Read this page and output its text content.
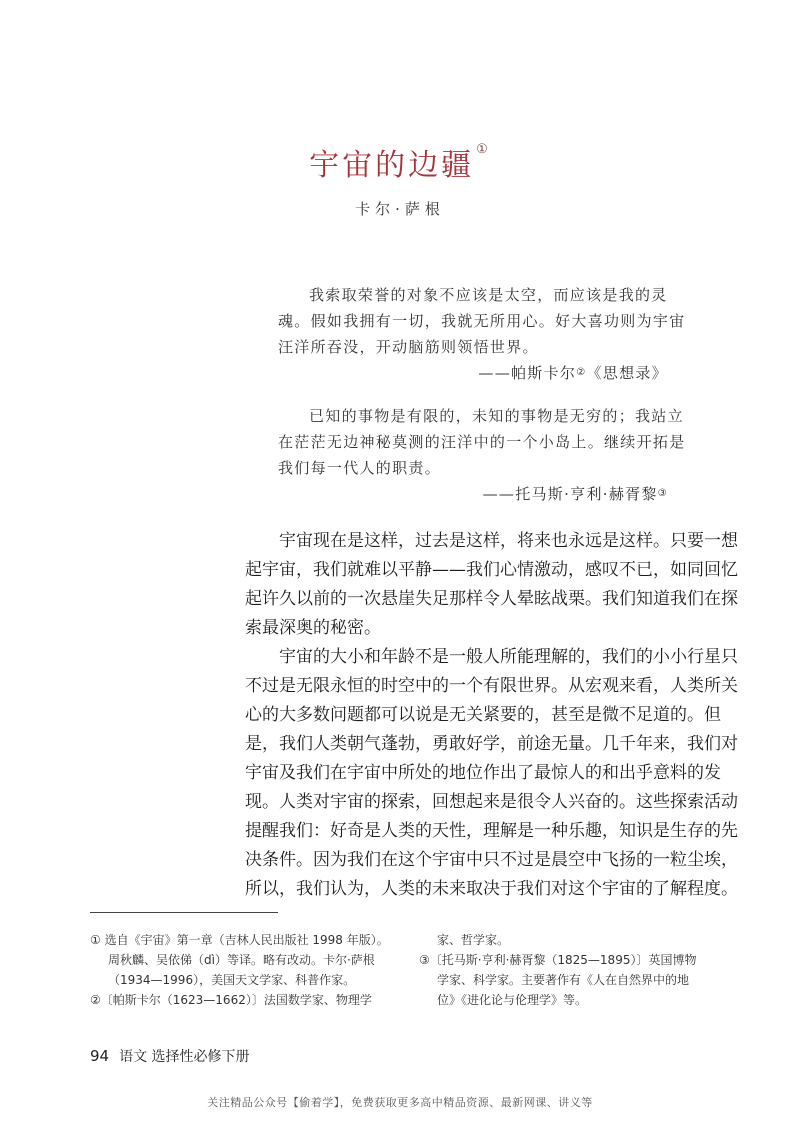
宇宙的边疆 ①
卡尔·萨根
我索取荣誉的对象不应该是太空，而应该是我的灵
魂。假如我拥有一切，我就无所用心。好大喜功则为宇宙
汪洋所吞没，开动脑筋则领悟世界。
——帕斯卡尔②《思想录》
已知的事物是有限的，未知的事物是无穷的；我站立
在茫茫无边神秘莫测的汪洋中的一个小岛上。继续开拓是
我们每一代人的职责。
——托马斯·亨利·赫胥黎③
宇宙现在是这样，过去是这样，将来也永远是这样。只要一想
起宇宙，我们就难以平静——我们心情激动，感叹不已，如同回忆
起许久以前的一次悬崖失足那样令人晕眩战栗。我们知道我们在探
索最深奥的秘密。
宇宙的大小和年龄不是一般人所能理解的，我们的小小行星只
不过是无限永恒的时空中的一个有限世界。从宏观来看，人类所关
心的大多数问题都可以说是无关紧要的，甚至是微不足道的。但
是，我们人类朝气蓬勃，勇敢好学，前途无量。几千年来，我们对
宇宙及我们在宇宙中所处的地位作出了最惊人的和出乎意料的发
现。人类对宇宙的探索，回想起来是很令人兴奋的。这些探索活动
提醒我们：好奇是人类的天性，理解是一种乐趣，知识是生存的先
决条件。因为我们在这个宇宙中只不过是晨空中飞扬的一粒尘埃，
所以，我们认为，人类的未来取决于我们对这个宇宙的了解程度。
① 选自《宇宙》第一章（吉林人民出版社 1998 年版）。
周秋麟、吴依俤（dì）等译。略有改动。卡尔·萨根
（1934—1996），美国天文学家、科普作家。
②〔帕斯卡尔（1623—1662）〕法国数学家、物理学
家、哲学家。
③〔托马斯·亨利·赫胥黎（1825—1895）〕英国博物
学家、科学家。主要著作有《人在自然界中的地
位》《进化论与伦理学》等。
94 语文 选择性必修下册
关注精品公众号【偷着学】，免费获取更多高中精品资源、最新网课、讲义等
